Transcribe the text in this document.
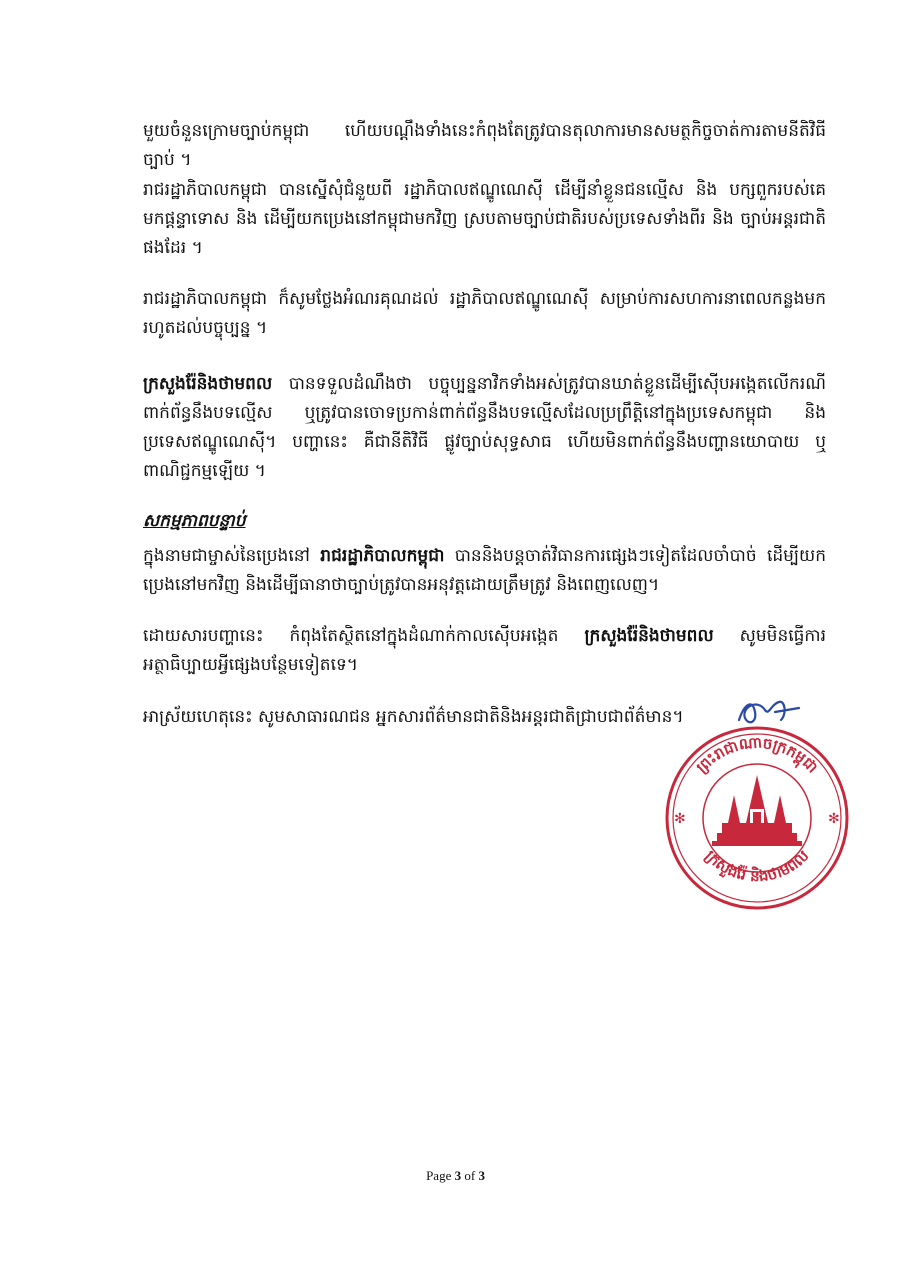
មួយចំនួនក្រោមច្បាប់កម្ពុជា ហើយបណ្តឹងទាំងនេះកំពុងតែត្រូវបានតុលាការមានសមត្ថកិច្ចចាត់ការតាមនីតិវិធីច្បាប់ ។

រាជរដ្ឋាភិបាលកម្ពុជា បានស្នើសុំជំនួយពី រដ្ឋាភិបាលឥណ្ឌូណេស៊ី ដើម្បីនាំខ្លួនជនល្មើស និង បក្សពួករបស់គេ មកផ្តន្ទាទោស និង ដើម្បីយកប្រេងនៅកម្ពុជាមកវិញ ស្របតាមច្បាប់ជាតិរបស់ប្រទេសទាំងពីរ និង ច្បាប់អន្តរជាតិផងដែរ ។

រាជរដ្ឋាភិបាលកម្ពុជា ក៏សូមថ្លែងអំណរគុណដល់ រដ្ឋាភិបាលឥណ្ឌូណេស៊ី សម្រាប់ការសហការនាពេលកន្លងមក រហូតដល់បច្ចុប្បន្ន ។

ក្រសួងរ៉ែនិងថាមពល បានទទួលដំណឹងថា បច្ចុប្បន្ននាវិកទាំងអស់ត្រូវបានឃាត់ខ្លួនដើម្បីស៊ើបអង្កេតលើករណីពាក់ព័ន្ធនឹងបទល្មើស ឬត្រូវបានចោទប្រកាន់ពាក់ព័ន្ធនឹងបទល្មើសដែលប្រព្រឹត្តិនៅក្នុងប្រទេសកម្ពុជា និង ប្រទេសឥណ្ឌូណេស៊ី។ បញ្ហានេះ គឺជានីតិវិធី ផ្លូវច្បាប់សុទ្ធសាធ ហើយមិនពាក់ព័ន្ធនឹងបញ្ហានយោបាយ ឬ ពាណិជ្ជកម្មឡើយ ។

សកម្មភាពបន្ទាប់

ក្នុងនាមជាម្ចាស់នៃប្រេងនៅ រាជរដ្ឋាភិបាលកម្ពុជា បាននិងបន្តចាត់វិធានការផ្សេងៗទៀតដែលចាំបាច់ ដើម្បីយកប្រេងនៅមកវិញ និងដើម្បីធានាថាច្បាប់ត្រូវបានអនុវត្តដោយត្រឹមត្រូវ និងពេញលេញ។

ដោយសារបញ្ហានេះ កំពុងតែស្ថិតនៅក្នុងដំណាក់កាលស៊ើបអង្កេត ក្រសួងរ៉ែនិងថាមពល សូមមិនធ្វើការអត្ថាធិប្បាយអ្វីផ្សេងបន្ថែមទៀតទេ។

អាស្រ័យហេតុនេះ សូមសាធារណជន អ្នកសារព័ត៌មានជាតិនិងអន្តរជាតិជ្រាបជាព័ត៌មាន។

ព្រះរាជាណាចក្រកម្ពុជា
ក្រសួងរ៉ែ និងថាមពល
✻	✻
Page 3 of 3
